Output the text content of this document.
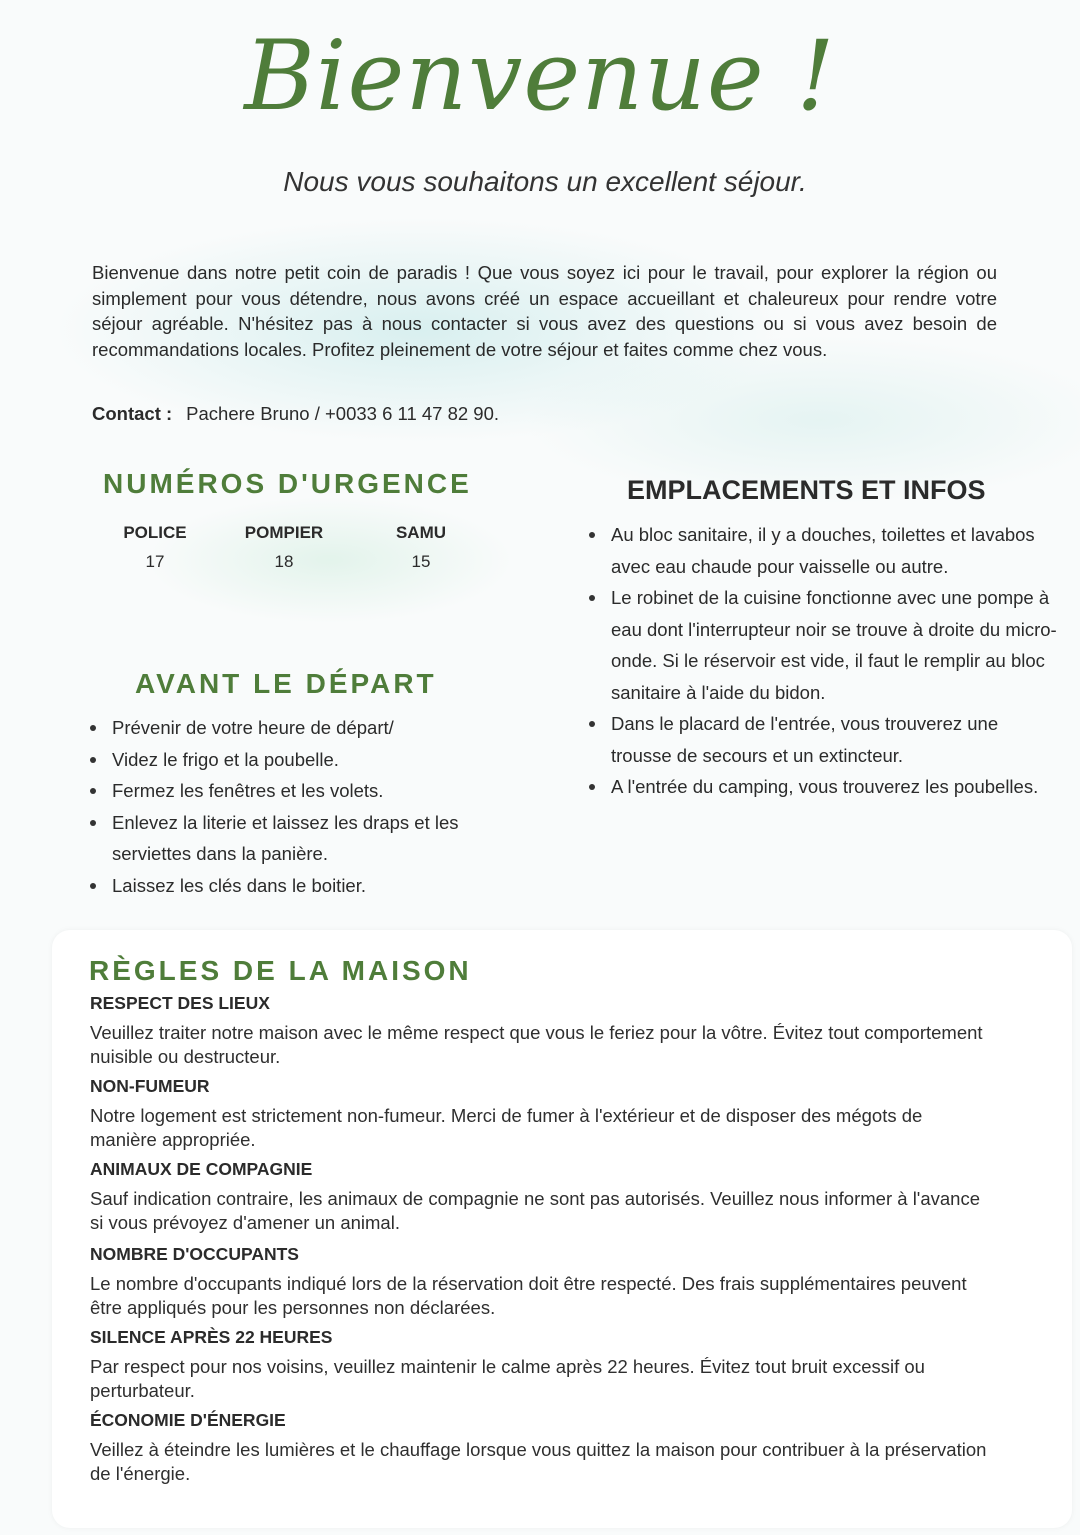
Bienvenue !
Nous vous souhaitons un excellent séjour.

Bienvenue dans notre petit coin de paradis ! Que vous soyez ici pour le travail, pour explorer la région ou simplement pour vous détendre, nous avons créé un espace accueillant et chaleureux pour rendre votre séjour agréable. N'hésitez pas à nous contacter si vous avez des questions ou si vous avez besoin de recommandations locales. Profitez pleinement de votre séjour et faites comme chez vous.

Contact : Pachere Bruno / +0033 6 11 47 82 90.
NUMÉROS D'URGENCE
POLICE
17
POMPIER
18
SAMU
15
AVANT LE DÉPART
Prévenir de votre heure de départ/
Videz le frigo et la poubelle.
Fermez les fenêtres et les volets.
Enlevez la literie et laissez les draps et les serviettes dans la panière.
Laissez les clés dans le boitier.
EMPLACEMENTS ET INFOS
Au bloc sanitaire, il y a douches, toilettes et lavabos avec eau chaude pour vaisselle ou autre.
Le robinet de la cuisine fonctionne avec une pompe à eau dont l'interrupteur noir se trouve à droite du micro-onde. Si le réservoir est vide, il faut le remplir au bloc sanitaire à l'aide du bidon.
Dans le placard de l'entrée, vous trouverez une trousse de secours et un extincteur.
A l'entrée du camping, vous trouverez les poubelles.
RÈGLES DE LA MAISON
RESPECT DES LIEUX
Veuillez traiter notre maison avec le même respect que vous le feriez pour la vôtre. Évitez tout comportement nuisible ou destructeur.
NON-FUMEUR
Notre logement est strictement non-fumeur. Merci de fumer à l'extérieur et de disposer des mégots de manière appropriée.
ANIMAUX DE COMPAGNIE
Sauf indication contraire, les animaux de compagnie ne sont pas autorisés. Veuillez nous informer à l'avance si vous prévoyez d'amener un animal.
NOMBRE D'OCCUPANTS
Le nombre d'occupants indiqué lors de la réservation doit être respecté. Des frais supplémentaires peuvent être appliqués pour les personnes non déclarées.
SILENCE APRÈS 22 HEURES
Par respect pour nos voisins, veuillez maintenir le calme après 22 heures. Évitez tout bruit excessif ou perturbateur.
ÉCONOMIE D'ÉNERGIE
Veillez à éteindre les lumières et le chauffage lorsque vous quittez la maison pour contribuer à la préservation de l'énergie.
